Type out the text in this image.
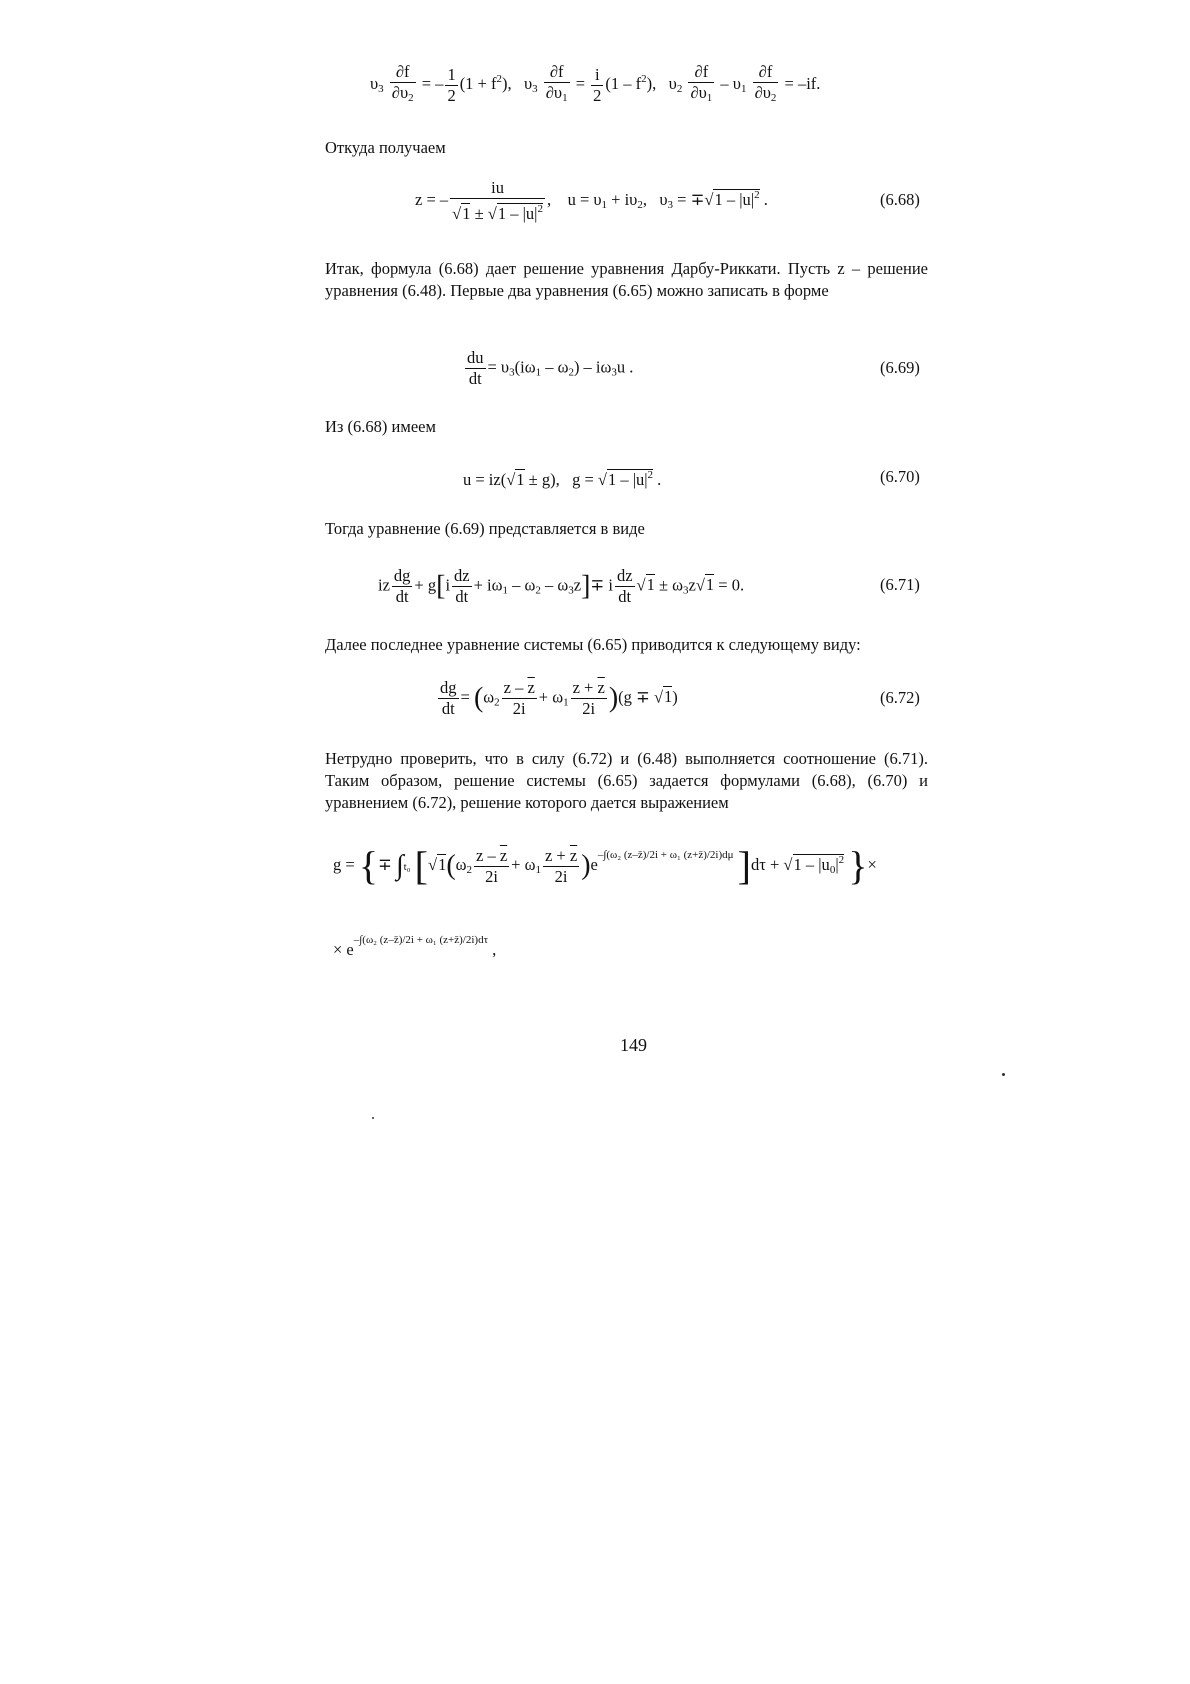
$\upsilon_3 \frac{\partial f}{\partial\upsilon_2}$ = – $\frac{1}{2} (1 + f^2)$,   $\upsilon_3 \frac{\partial f}{\partial\upsilon_1} = \frac{i}{2} (1 - f^2)$,   $\upsilon_2 \frac{\partial f}{\partial\upsilon_1} - \upsilon_1 \frac{\partial f}{\partial\upsilon_2} = -if$.
Откуда получаем
z = – $\frac{iu}{√1 \pm √1 - |u|^2}$ ,    $u = \upsilon_1 + i\upsilon_2$,   $\upsilon_3 = \mp√1 - |u|^2$ .	(6.68)
Итак, формула (6.68) дает решение уравнения Дарбу-Риккати. Пусть z – решение уравнения (6.48). Первые два уравнения (6.65) можно записать в форме
$\frac{du}{dt} = \upsilon_3(i\omega_1 - \omega_2) - i\omega_3u$ .	(6.69)
Из (6.68) имеем
u = iz(√1 ± g),   $g = √1 - |u|^2$ .	(6.70)
Тогда уравнение (6.69) представляется в виде
iz $\frac{dg}{dt} + g[i \frac{dz}{dt} + i\omega_1 - \omega_2 - \omega_3z]\mp i \frac{dz}{dt} √1 \pm \omega_3z√1 = 0$.	(6.71)
Далее последнее уравнение системы (6.65) приводится к следующему виду:
$\frac{dg}{dt} = (\omega_2 \frac{z - \overline{z}}{2i} + \omega_1 \frac{z + \overline{z}}{2i} )(g \mp √1)$	(6.72)
Нетрудно проверить, что в силу (6.72) и (6.48) выполняется соотношение (6.71). Таким образом, решение системы (6.65) задается формулами (6.68), (6.70) и уравнением (6.72), решение которого дается выражением
g = {∓ ∫t₀ [$√1(\omega_2 \frac{z - \overline{z}}{2i} + \omega_1 \frac{z + \overline{z}}{2i} )e^{-\int(\omega_2 (z-z̄)/2i + \omega_1 (z+z̄)/2i)d\mu}$ ]$d\tau + √1 - |u_0|^2$ }×
× $e^{-\int(\omega_2 (z-z̄)/2i + \omega_1 (z+z̄)/2i)d\tau}$ ,
149
